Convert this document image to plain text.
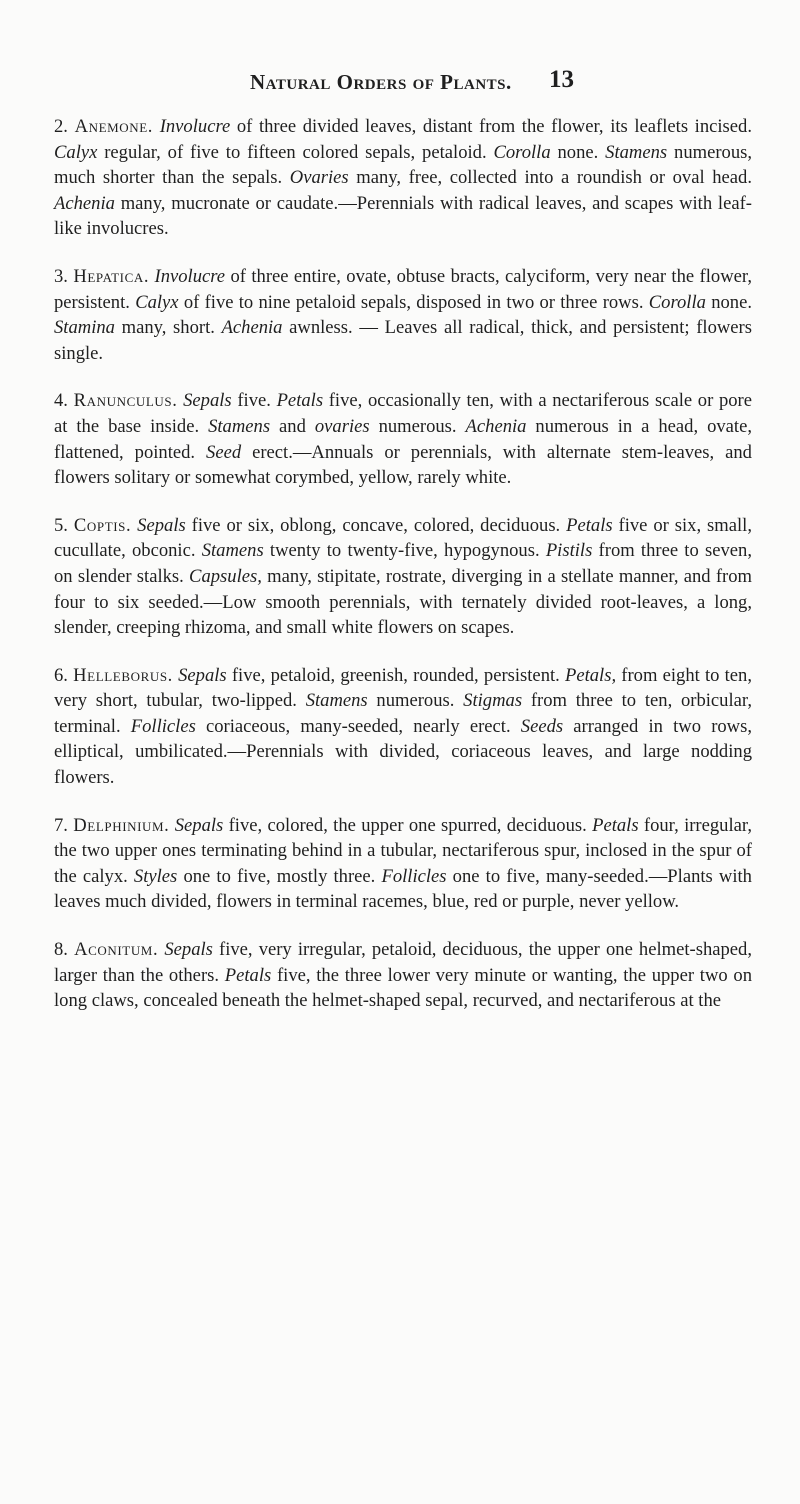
Natural Orders of Plants.	13

2. Anemone. Involucre of three divided leaves, distant from the flower, its leaflets incised. Calyx regular, of five to fifteen colored sepals, petaloid. Corolla none. Stamens numerous, much shorter than the sepals. Ovaries many, free, collected into a roundish or oval head. Achenia many, mucronate or caudate.—Perennials with radical leaves, and scapes with leaf-like involucres.

3. Hepatica. Involucre of three entire, ovate, obtuse bracts, calyciform, very near the flower, persistent. Calyx of five to nine petaloid sepals, disposed in two or three rows. Corolla none. Stamina many, short. Achenia awnless. — Leaves all radical, thick, and persistent; flowers single.

4. Ranunculus. Sepals five. Petals five, occasionally ten, with a nectariferous scale or pore at the base inside. Stamens and ovaries numerous. Achenia numerous in a head, ovate, flattened, pointed. Seed erect.—Annuals or perennials, with alternate stem-leaves, and flowers solitary or somewhat corymbed, yellow, rarely white.

5. Coptis. Sepals five or six, oblong, concave, colored, deciduous. Petals five or six, small, cucullate, obconic. Stamens twenty to twenty-five, hypogynous. Pistils from three to seven, on slender stalks. Capsules, many, stipitate, rostrate, diverging in a stellate manner, and from four to six seeded.—Low smooth perennials, with ternately divided root-leaves, a long, slender, creeping rhizoma, and small white flowers on scapes.

6. Helleborus. Sepals five, petaloid, greenish, rounded, persistent. Petals, from eight to ten, very short, tubular, two-lipped. Stamens numerous. Stigmas from three to ten, orbicular, terminal. Follicles coriaceous, many-seeded, nearly erect. Seeds arranged in two rows, elliptical, umbilicated.—Perennials with divided, coriaceous leaves, and large nodding flowers.

7. Delphinium. Sepals five, colored, the upper one spurred, deciduous. Petals four, irregular, the two upper ones terminating behind in a tubular, nectariferous spur, inclosed in the spur of the calyx. Styles one to five, mostly three. Follicles one to five, many-seeded.—Plants with leaves much divided, flowers in terminal racemes, blue, red or purple, never yellow.

8. Aconitum. Sepals five, very irregular, petaloid, deciduous, the upper one helmet-shaped, larger than the others. Petals five, the three lower very minute or wanting, the upper two on long claws, concealed beneath the helmet-shaped sepal, recurved, and nectariferous at the
